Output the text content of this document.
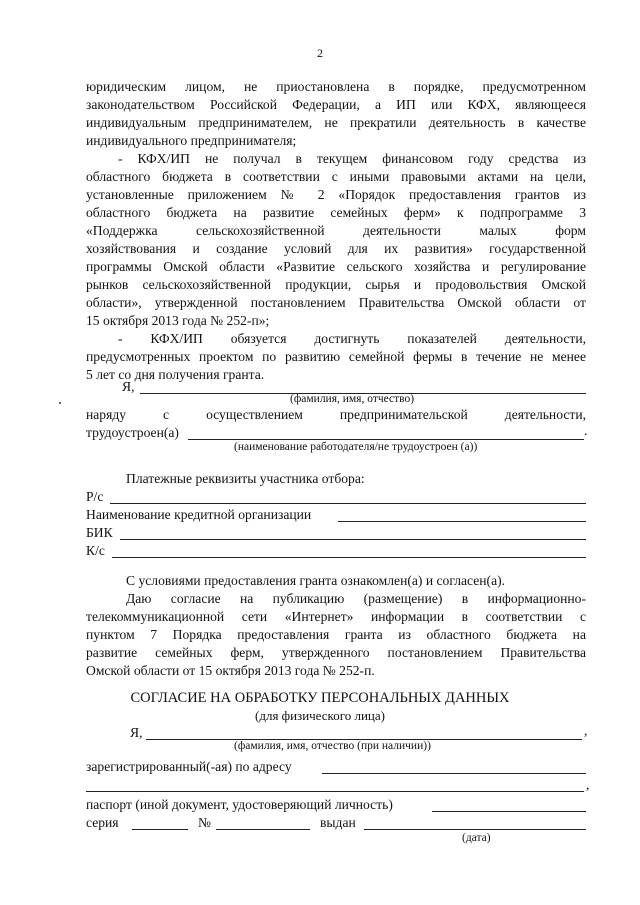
2
юридическим лицом, не приостановлена в порядке, предусмотренном
законодательством Российской Федерации, а ИП или КФХ, являющееся
индивидуальным предпринимателем, не прекратили деятельность в качестве
индивидуального предпринимателя;
- КФХ/ИП не получал в текущем финансовом году средства из
областного бюджета в соответствии с иными правовыми актами на цели,
установленные приложением № 2 «Порядок предоставления грантов из
областного бюджета на развитие семейных ферм» к подпрограмме 3
«Поддержка сельскохозяйственной деятельности малых форм
хозяйствования и создание условий для их развития» государственной
программы Омской области «Развитие сельского хозяйства и регулирование
рынков сельскохозяйственной продукции, сырья и продовольствия Омской
области», утвержденной постановлением Правительства Омской области от
15 октября 2013 года № 252-п»;
- КФХ/ИП обязуется достигнуть показателей деятельности,
предусмотренных проектом по развитию семейной фермы в течение не менее
5 лет со дня получения гранта.
Я,
(фамилия, имя, отчество)
наряду с осуществлением предпринимательской деятельности,
трудоустроен(а)	.
(наименование работодателя/не трудоустроен (а))
Платежные реквизиты участника отбора:
Р/с
Наименование кредитной организации
БИК
К/с
С условиями предоставления гранта ознакомлен(а) и согласен(а).
Даю согласие на публикацию (размещение) в информационно-
телекоммуникационной сети «Интернет» информации в соответствии с
пунктом 7 Порядка предоставления гранта из областного бюджета на
развитие семейных ферм, утвержденного постановлением Правительства
Омской области от 15 октября 2013 года № 252-п.
СОГЛАСИЕ НА ОБРАБОТКУ ПЕРСОНАЛЬНЫХ ДАННЫХ
(для физического лица)
Я,	,
(фамилия, имя, отчество (при наличии))
зарегистрированный(-ая) по адресу
,
паспорт (иной документ, удостоверяющий личность)
серия	№	выдан
(дата)
